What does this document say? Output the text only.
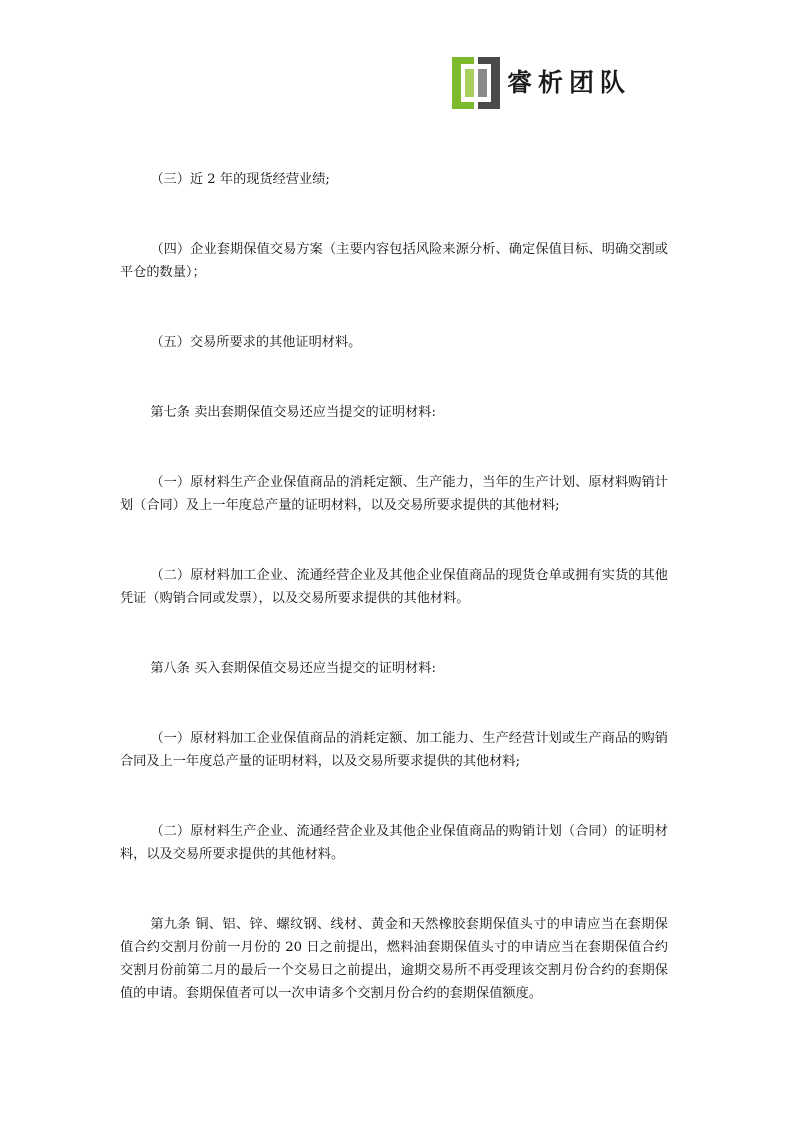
睿析团队

（三）近 2 年的现货经营业绩;

（四）企业套期保值交易方案（主要内容包括风险来源分析、确定保值目标、明确交割或平仓的数量）；

（五）交易所要求的其他证明材料。

第七条 卖出套期保值交易还应当提交的证明材料:

（一）原材料生产企业保值商品的消耗定额、生产能力，当年的生产计划、原材料购销计划（合同）及上一年度总产量的证明材料，以及交易所要求提供的其他材料;

（二）原材料加工企业、流通经营企业及其他企业保值商品的现货仓单或拥有实货的其他凭证（购销合同或发票），以及交易所要求提供的其他材料。

第八条 买入套期保值交易还应当提交的证明材料:

（一）原材料加工企业保值商品的消耗定额、加工能力、生产经营计划或生产商品的购销合同及上一年度总产量的证明材料，以及交易所要求提供的其他材料;

（二）原材料生产企业、流通经营企业及其他企业保值商品的购销计划（合同）的证明材料，以及交易所要求提供的其他材料。

第九条 铜、铝、锌、螺纹钢、线材、黄金和天然橡胶套期保值头寸的申请应当在套期保值合约交割月份前一月份的 20 日之前提出，燃料油套期保值头寸的申请应当在套期保值合约交割月份前第二月的最后一个交易日之前提出，逾期交易所不再受理该交割月份合约的套期保值的申请。套期保值者可以一次申请多个交割月份合约的套期保值额度。
